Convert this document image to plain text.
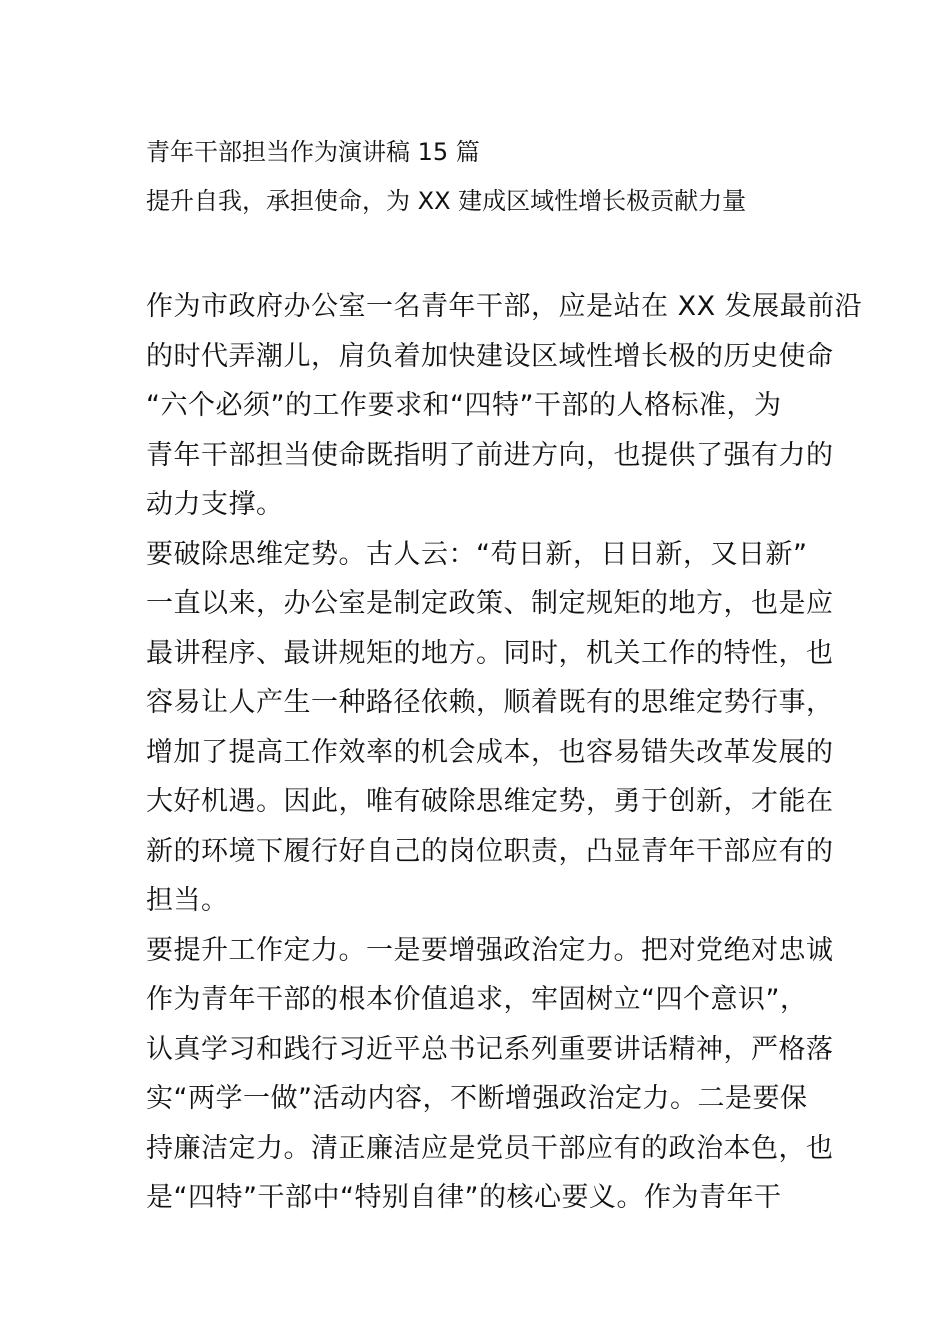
青年干部担当作为演讲稿 15 篇
提升自我，承担使命，为 XX 建成区域性增长极贡献力量
作为市政府办公室一名青年干部，应是站在 XX 发展最前沿
的时代弄潮儿，肩负着加快建设区域性增长极的历史使命
“六个必须”的工作要求和“四特”干部的人格标准，为
青年干部担当使命既指明了前进方向，也提供了强有力的
动力支撑。
要破除思维定势。古人云：“苟日新，日日新，又日新”
一直以来，办公室是制定政策、制定规矩的地方，也是应
最讲程序、最讲规矩的地方。同时，机关工作的特性，也
容易让人产生一种路径依赖，顺着既有的思维定势行事，
增加了提高工作效率的机会成本，也容易错失改革发展的
大好机遇。因此，唯有破除思维定势，勇于创新，才能在
新的环境下履行好自己的岗位职责，凸显青年干部应有的
担当。
要提升工作定力。一是要增强政治定力。把对党绝对忠诚
作为青年干部的根本价值追求，牢固树立“四个意识”，
认真学习和践行习近平总书记系列重要讲话精神，严格落
实“两学一做”活动内容，不断增强政治定力。二是要保
持廉洁定力。清正廉洁应是党员干部应有的政治本色，也
是“四特”干部中“特别自律”的核心要义。作为青年干
